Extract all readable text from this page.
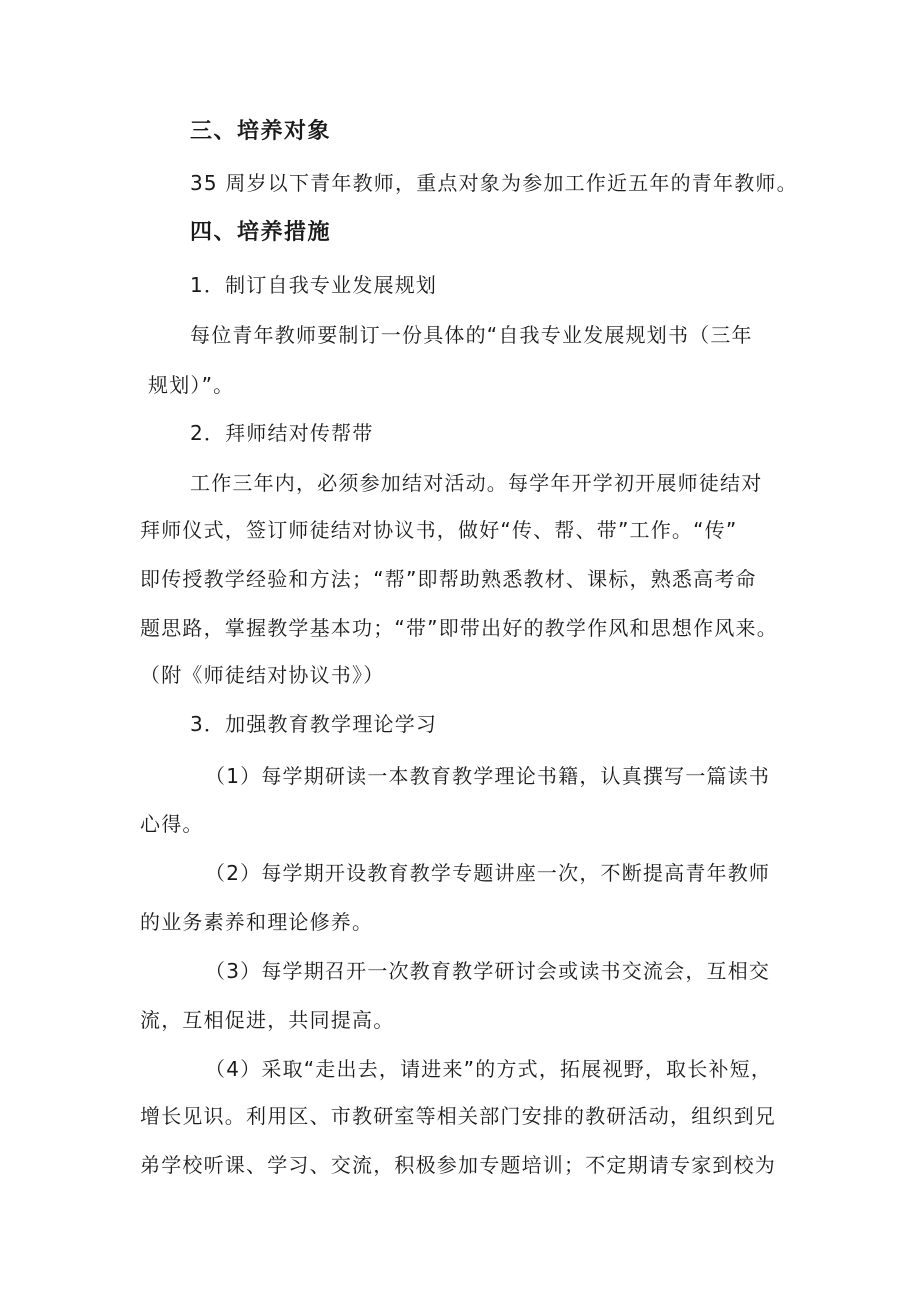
三、培养对象
35 周岁以下青年教师，重点对象为参加工作近五年的青年教师。
四、培养措施
1．制订自我专业发展规划
每位青年教师要制订一份具体的“自我专业发展规划书（三年
规划）”。
2．拜师结对传帮带
工作三年内，必须参加结对活动。每学年开学初开展师徒结对
拜师仪式，签订师徒结对协议书，做好“传、帮、带”工作。“传”
即传授教学经验和方法；“帮”即帮助熟悉教材、课标，熟悉高考命
题思路，掌握教学基本功；“带”即带出好的教学作风和思想作风来。
（附《师徒结对协议书》）
3．加强教育教学理论学习
（1）每学期研读一本教育教学理论书籍，认真撰写一篇读书
心得。
（2）每学期开设教育教学专题讲座一次，不断提高青年教师
的业务素养和理论修养。
（3）每学期召开一次教育教学研讨会或读书交流会，互相交
流，互相促进，共同提高。
（4）采取“走出去，请进来”的方式，拓展视野，取长补短，
增长见识。利用区、市教研室等相关部门安排的教研活动，组织到兄
弟学校听课、学习、交流，积极参加专题培训；不定期请专家到校为
